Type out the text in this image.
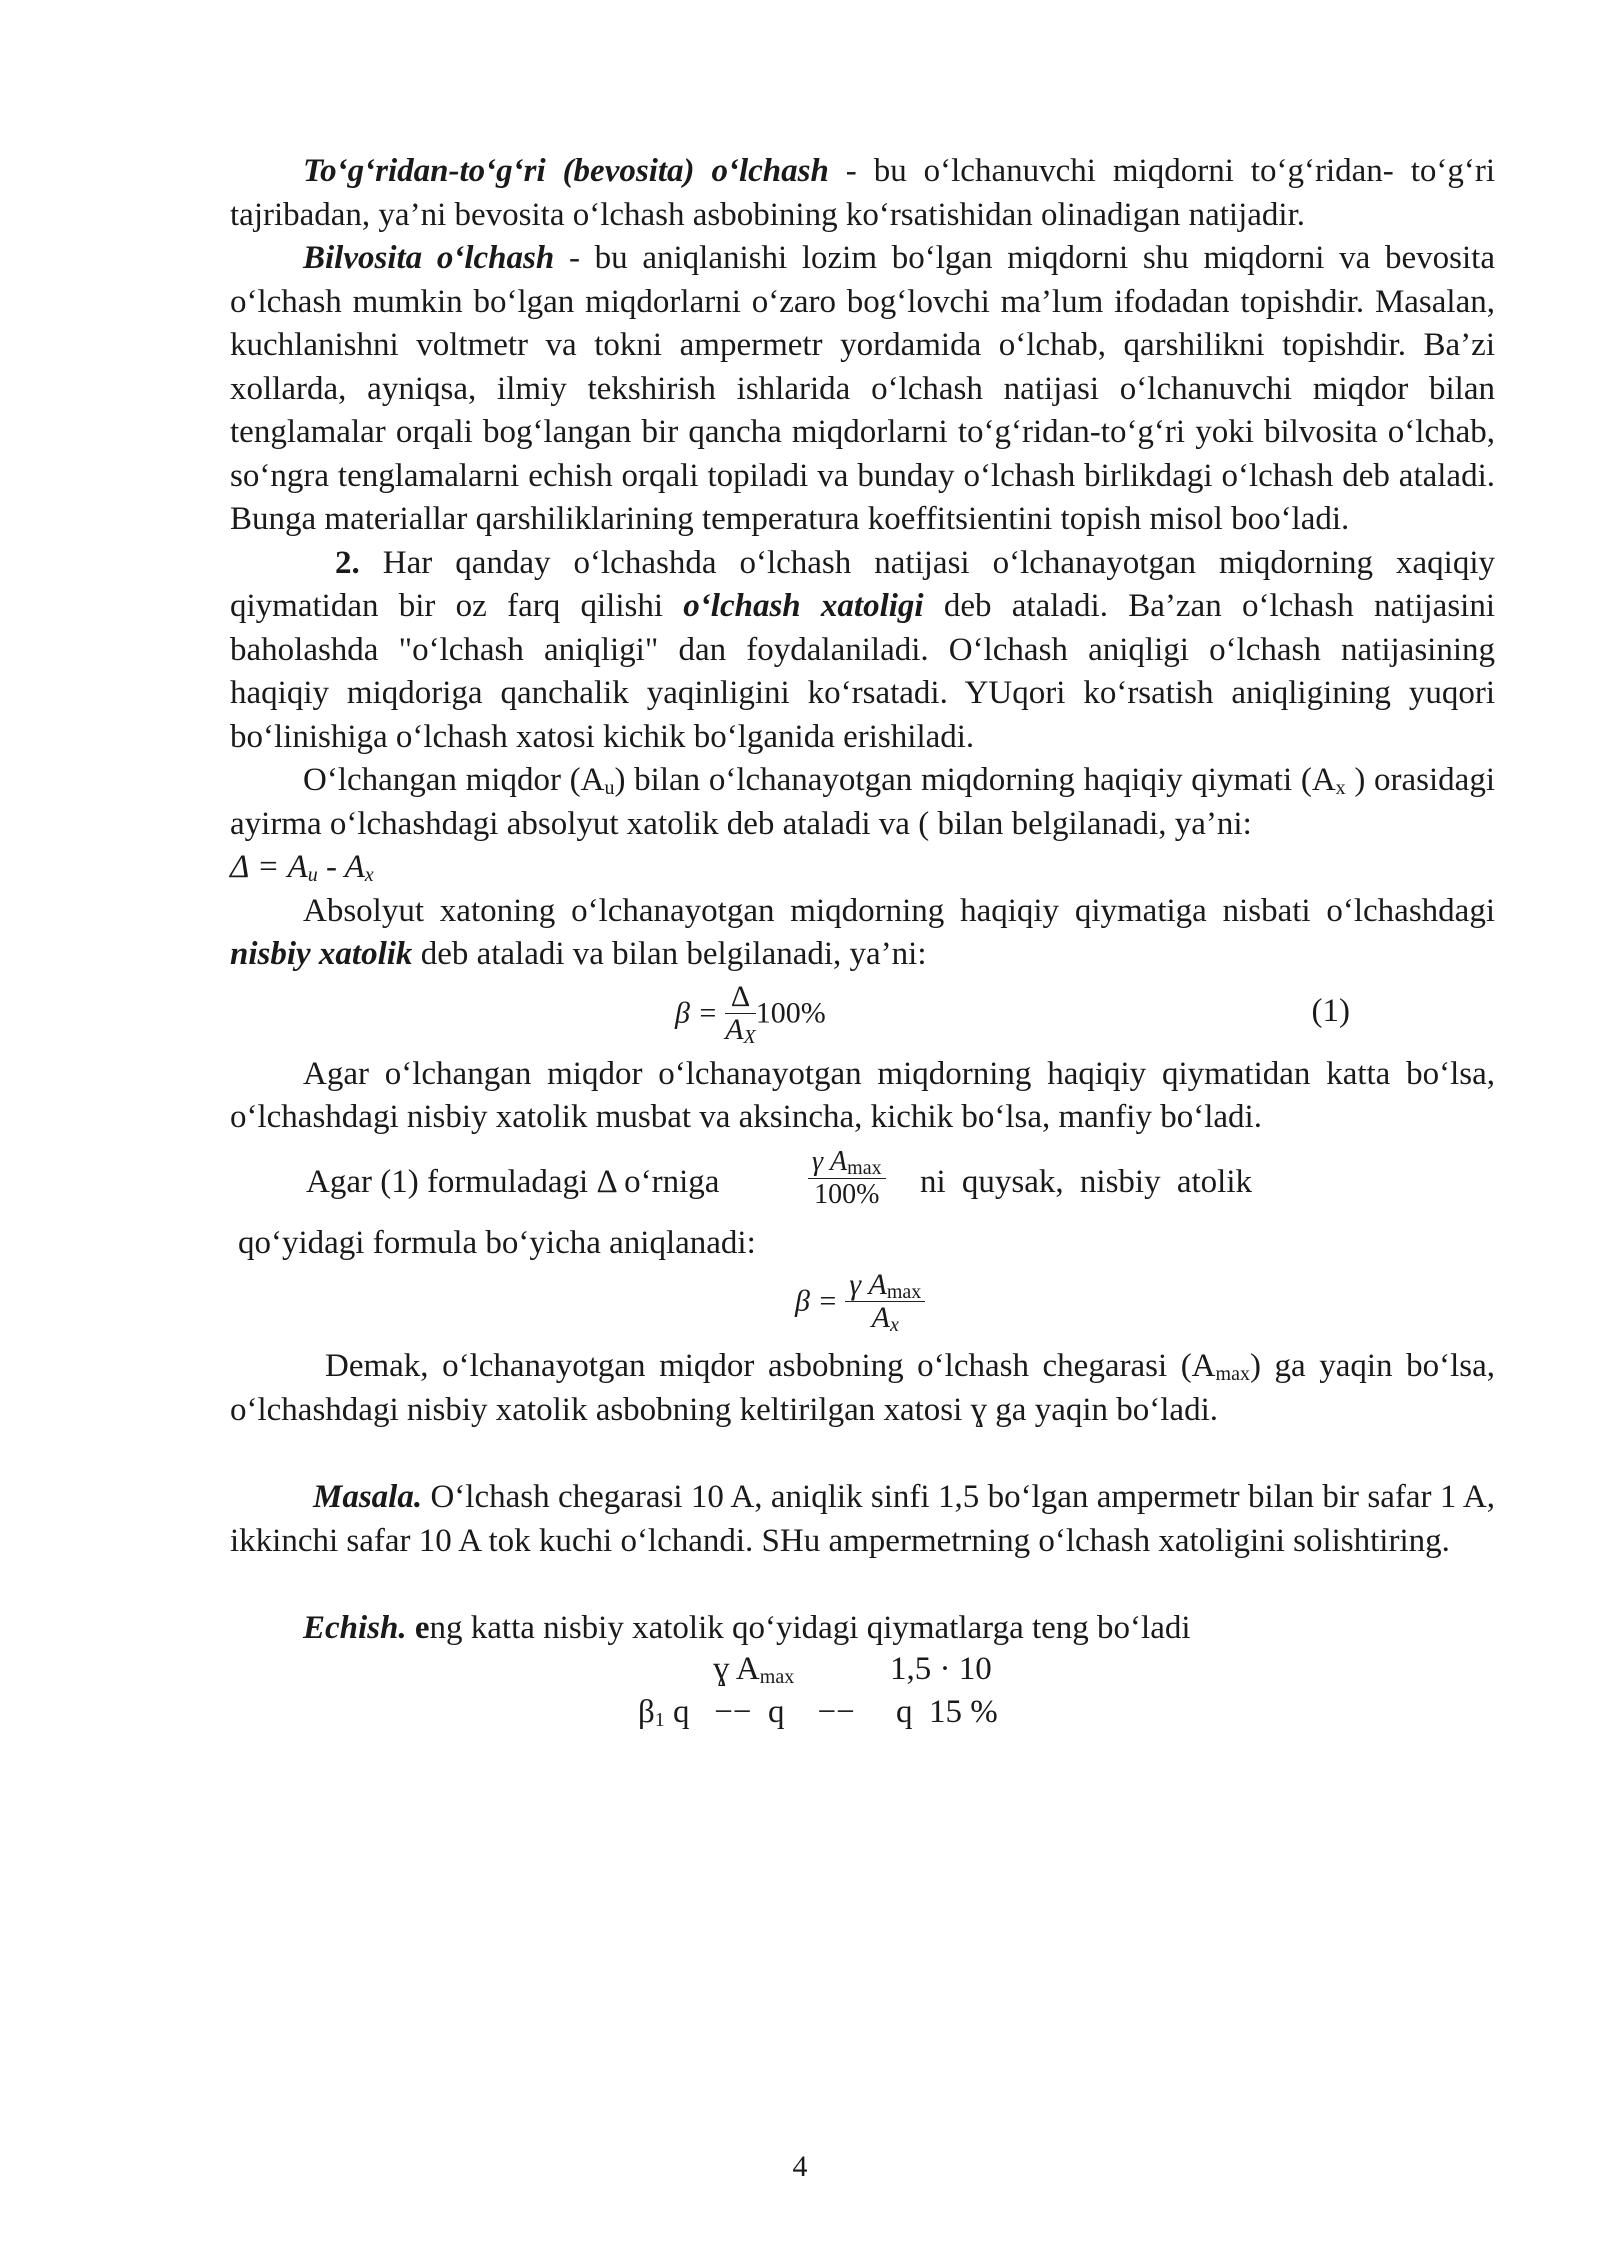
To‘g‘ridan-to‘g‘ri (bevosita) o‘lchash - bu o‘lchanuvchi miqdorni to‘g‘ridan- to‘g‘ri tajribadan, ya’ni bevosita o‘lchash asbobining ko‘rsatishidan olinadigan natijadir.

Bilvosita o‘lchash - bu aniqlanishi lozim bo‘lgan miqdorni shu miqdorni va bevosita o‘lchash mumkin bo‘lgan miqdorlarni o‘zaro bog‘lovchi ma’lum ifodadan topishdir. Masalan, kuchlanishni voltmetr va tokni ampermetr yordamida o‘lchab, qarshilikni topishdir. Ba’zi xollarda, ayniqsa, ilmiy tekshirish ishlarida o‘lchash natijasi o‘lchanuvchi miqdor bilan tenglamalar orqali bog‘langan bir qancha miqdorlarni to‘g‘ridan-to‘g‘ri yoki bilvosita o‘lchab, so‘ngra tenglamalarni echish orqali topiladi va bunday o‘lchash birlikdagi o‘lchash deb ataladi. Bunga materiallar qarshiliklarining temperatura koeffitsientini topish misol boo‘ladi.

2. Har qanday o‘lchashda o‘lchash natijasi o‘lchanayotgan miqdorning xaqiqiy qiymatidan bir oz farq qilishi o‘lchash xatoligi deb ataladi. Ba’zan o‘lchash natijasini baholashda "o‘lchash aniqligi" dan foydalaniladi. O‘lchash aniqligi o‘lchash natijasining haqiqiy miqdoriga qanchalik yaqinligini ko‘rsatadi. YUqori ko‘rsatish aniqligining yuqori bo‘linishiga o‘lchash xatosi kichik bo‘lganida erishiladi.

O‘lchangan miqdor $(A_u)$ bilan o‘lchanayotgan miqdorning haqiqiy qiymati ($A_x$ ) orasidagi ayirma o‘lchashdagi absolyut xatolik deb ataladi va ( bilan belgilanadi, ya’ni:

$\Delta = A_u - A_x$

Absolyut xatoning o‘lchanayotgan miqdorning haqiqiy qiymatiga nisbati o‘lchashdagi nisbiy xatolik deb ataladi va bilan belgilanadi, ya’ni:

$\beta = \frac{\Delta}{A_X} 100\%$	(1)

Agar o‘lchangan miqdor o‘lchanayotgan miqdorning haqiqiy qiymatidan katta bo‘lsa, o‘lchashdagi nisbiy xatolik musbat va aksincha, kichik bo‘lsa, manfiy bo‘ladi.

Agar (1) formuladagi Δ o‘rniga
γ $A_{max}$
100% ni quysak, nisbiy atolik

qo‘yidagi formula bo‘yicha aniqlanadi:

$\beta = \frac{\gamma A_{max}}{A_x}$

Demak, o‘lchanayotgan miqdor asbobning o‘lchash chegarasi $(A_{max})$ ga yaqin bo‘lsa, o‘lchashdagi nisbiy xatolik asbobning keltirilgan xatosi ɣ ga yaqin bo‘ladi.

Masala. O‘lchash chegarasi 10 A, aniqlik sinfi 1,5 bo‘lgan ampermetr bilan bir safar 1 A, ikkinchi safar 10 A tok kuchi o‘lchandi. SHu ampermetrning o‘lchash xatoligini solishtiring.

Echish. eng katta nisbiy xatolik qo‘yidagi qiymatlarga teng bo‘ladi

ɣ $A_{max}$	1,5 · 10
$\beta_1$ q   −−  q    −−     q  15 %
4
